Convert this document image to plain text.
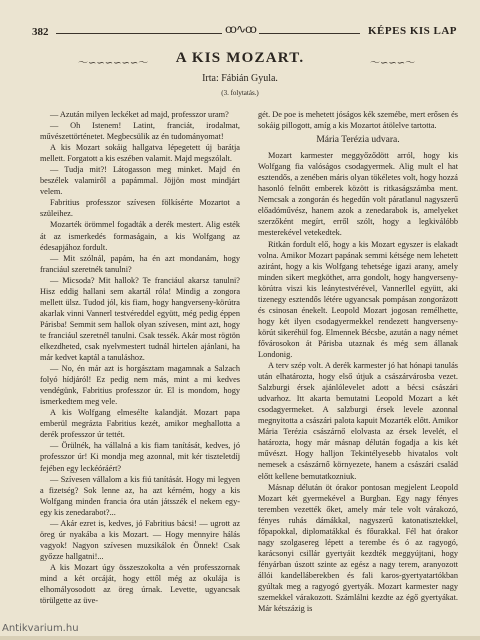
382	ꝏ∿ꝏ	KÉPES KIS LAP
〜∽∽∽∽∽∽〜	A KIS MOZART.	〜∽∽∽〜
Irta: Fábián Gyula.
(3. folytatás.)

— Azután milyen leckéket ad majd, professzor uram?

— Oh Istenem! Latint, franciát, irodalmat, művészettörténetet. Megbecsülik az én tudományomat!

A kis Mozart sokáig hallgatva lépegetett új barátja mellett. Forgatott a kis eszében valamit. Majd megszólalt.

— Tudja mit?! Látogasson meg minket. Majd én beszélek valamiről a papámmal. Jöjjön most mindjárt velem.

Fabritius professzor szívesen fölkísérte Mozartot a szüleihez.

Mozarték örömmel fogadták a derék mestert. Alig esték át az ismerkedés formaságain, a kis Wolfgang az édesapjához fordult.

— Mit szólnál, papám, ha én azt mondanám, hogy franciául szeretnék tanulni?

— Micsoda? Mit hallok? Te franciául akarsz tanulni? Hisz eddig hallani sem akartál róla! Mindig a zongora mellett ülsz. Tudod jól, kis fiam, hogy hangverseny-körútra akarlak vinni Vannerl testvéreddel együtt, még pedig éppen Párisba! Semmit sem hallok olyan szívesen, mint azt, hogy te franciául szeretnél tanulni. Csak tessék. Akár most rögtön elkezdheted, csak nyelvmestert tudnál hirtelen ajánlani, ha már kedvet kaptál a tanuláshoz.

— No, én már azt is horgásztam magamnak a Salzach folyó hídjáról! Ez pedig nem más, mint a mi kedves vendégünk, Fabritius professzor úr. El is mondom, hogy ismerkedtem meg vele.

A kis Wolfgang elmesélte kalandját. Mozart papa emberül megrázta Fabritius kezét, amikor meghallotta a derék professzor úr tettét.

— Örülnék, ha vállalná a kis fiam tanítását, kedves, jó professzor úr! Ki mondja meg azonnal, mit kér tiszteletdíj fejében egy leckéóráért?

— Szívesen vállalom a kis fiú tanítását. Hogy mi legyen a fizetség? Sok lenne az, ha azt kérném, hogy a kis Wolfgang minden francia óra után játsszék el nekem egy-egy kis zenedarabot?...

— Akár ezret is, kedves, jó Fabritius bácsi! — ugrott az öreg úr nyakába a kis Mozart. — Hogy mennyire hálás vagyok! Nagyon szívesen muzsikálok én Önnek! Csak győzze hallgatni!...

A kis Mozart úgy összeszokolta a vén professzornak mind a két orcáját, hogy ettől még az okulája is elhomályosodott az öreg úrnak. Levette, ugyancsak törülgette az üve-

gét. De poe is mehetett jóságos kék szemébe, mert erősen és sokáig pillogott, amíg a kis Mozartot átölelve tartotta.

Mária Terézia udvara.

Mozart karmester meggyőződött arról, hogy kis Wolfgang fia valóságos csodagyermek. Alig mult el hat esztendős, a zenében máris olyan tökéletes volt, hogy hozzá hasonló felnőtt emberek között is ritkaságszámba ment. Nemcsak a zongorán és hegedűn volt páratlanul nagyszerű előadóművész, hanem azok a zenedarabok is, amelyeket szerzőként megírt, erről szólt, hogy a legkiválóbb mesterekével vetekedtek.

Ritkán fordult elő, hogy a kis Mozart egyszer is elakadt volna. Amikor Mozart papának semmi kétsége nem lehetett aziránt, hogy a kis Wolfgang tehetsége igazi arany, amely minden sikert megköthet, arra gondolt, hogy hangverseny-körútra viszi kis leánytestvérével, Vannerllel együtt, aki tizenegy esztendős létére ugyancsak pompásan zongorázott és csinosan énekelt. Leopold Mozart jogosan remélhette, hogy két ilyen csodagyermekkel rendezett hangverseny-körút sikeréhül fog. Elmennek Bécsbe, azután a nagy német fővárosokon át Párisba utaznak és még sem állanak Londonig.

A terv szép volt. A derék karmester jó hat hónapi tanulás után elhatározta, hogy első útjuk a császárvárosba vezet. Salzburgi érsek ajánlólevelet adott a bécsi császári udvarhoz. Itt akarta bemutatni Leopold Mozart a két csodagyermeket. A salzburgi érsek levele azonnal megnyitotta a császári palota kapuit Mozarték előtt. Amikor Mária Terézia császárnő elolvasta az érsek levelét, el határozta, hogy már másnap délután fogadja a kis két művészt. Hogy halljon Tekintélyesebb hivatalos volt nemesek a császárnő környezete, hanem a császári család előtt kellene bemutatkozniuk.

Másnap délután öt órakor pontosan megjelent Leopold Mozart két gyermekével a Burgban. Egy nagy fényes teremben vezették őket, amely már tele volt várakozó, fényes ruhás dámákkal, nagyszerű katonatisztekkel, főpapokkal, diplomatákkal és főurakkal. Fél hat órakor nagy szolgasereg lépett a terembe és ó az ragyogó, karácsonyi csillár gyertyáit kezdték meggyújtani, hogy fényárban úszott szinte az egész a nagy terem, aranyozott állói kandelláberekben és fali karos-gyertyatartókban gyúltak meg a ragyogó gyertyák. Mozart karmester nagy szemekkel várakozott. Számlálni kezdte az égő gyertyákat. Már kétszázig is

Antikvarium.hu
